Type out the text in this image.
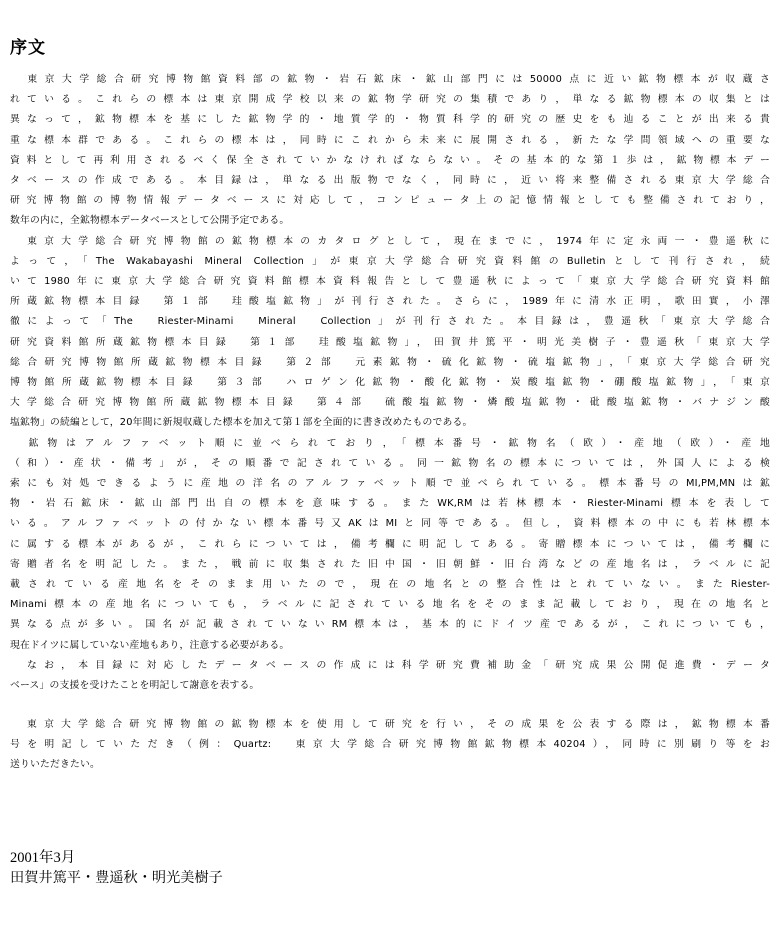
序文

　東京大学総合研究博物館資料部の鉱物・岩石鉱床・鉱山部門には50000点に近い鉱物標本が収蔵さ
れている。これらの標本は東京開成学校以来の鉱物学研究の集積であり，単なる鉱物標本の収集とは
異なって，鉱物標本を基にした鉱物学的・地質学的・物質科学的研究の歴史をも辿ることが出来る貴
重な標本群である。これらの標本は，同時にこれから未来に展開される，新たな学問領域への重要な
資料として再利用されるべく保全されていかなければならない。その基本的な第１歩は，鉱物標本デー
タベースの作成である。本目録は，単なる出版物でなく，同時に，近い将来整備される東京大学総合
研究博物館の博物情報データベースに対応して，コンピュータ上の記憶情報としても整備されており，
数年の内に，全鉱物標本データベースとして公開予定である。

　東京大学総合研究博物館の鉱物標本のカタログとして，現在までに，1974年に定永両一・豊遥秋に
よって，「The Wakabayashi Mineral Collection」が東京大学総合研究資料館のBulletinとして刊行され，続
いて1980年に東京大学総合研究資料館標本資料報告として豊遥秋によって「東京大学総合研究資料館
所蔵鉱物標本目録　第１部　珪酸塩鉱物」が刊行された。さらに，1989年に清水正明，歌田實，小澤
徹によって「The　Riester-Minami　Mineral　Collection」が刊行された。本目録は，豊遥秋「東京大学総合
研究資料館所蔵鉱物標本目録　第１部　珪酸塩鉱物」，田賀井篤平・明光美樹子・豊遥秋「東京大学
総合研究博物館所蔵鉱物標本目録　第２部　元素鉱物・硫化鉱物・硫塩鉱物」，「東京大学総合研究
博物館所蔵鉱物標本目録　第３部　ハロゲン化鉱物・酸化鉱物・炭酸塩鉱物・硼酸塩鉱物」，「東京
大学総合研究博物館所蔵鉱物標本目録　第４部　硫酸塩鉱物・燐酸塩鉱物・砒酸塩鉱物・バナジン酸
塩鉱物」の続編として，20年間に新規収蔵した標本を加えて第１部を全面的に書き改めたものである。

　鉱物はアルファベット順に並べられており，「標本番号・鉱物名（欧）・産地（欧）・産地
（和）・産状・備考」が，その順番で記されている。同一鉱物名の標本については，外国人による検
索にも対処できるように産地の洋名のアルファベット順で並べられている。標本番号のMI,PM,MNは鉱
物・岩石鉱床・鉱山部門出自の標本を意味する。またWK,RMは若林標本・Riester-Minami標本を表して
いる。アルファベットの付かない標本番号又AKはMIと同等である。但し，資料標本の中にも若林標本
に属する標本があるが，これらについては，備考欄に明記してある。寄贈標本については，備考欄に
寄贈者名を明記した。また，戦前に収集された旧中国・旧朝鮮・旧台湾などの産地名は，ラベルに記
載されている産地名をそのまま用いたので，現在の地名との整合性はとれていない。またRiester-
Minami標本の産地名についても，ラベルに記されている地名をそのまま記載しており，現在の地名と
異なる点が多い。国名が記載されていないRM標本は，基本的にドイツ産であるが，これについても，
現在ドイツに属していない産地もあり，注意する必要がある。

　なお，本目録に対応したデータベースの作成には科学研究費補助金「研究成果公開促進費・データ
ベース」の支援を受けたことを明記して謝意を表する。

　東京大学総合研究博物館の鉱物標本を使用して研究を行い，その成果を公表する際は，鉱物標本番
号を明記していただき（例：Quartz:　東京大学総合研究博物館鉱物標本40204），同時に別刷り等をお
送りいただきたい。

2001年3月
田賀井篤平・豊遥秋・明光美樹子
